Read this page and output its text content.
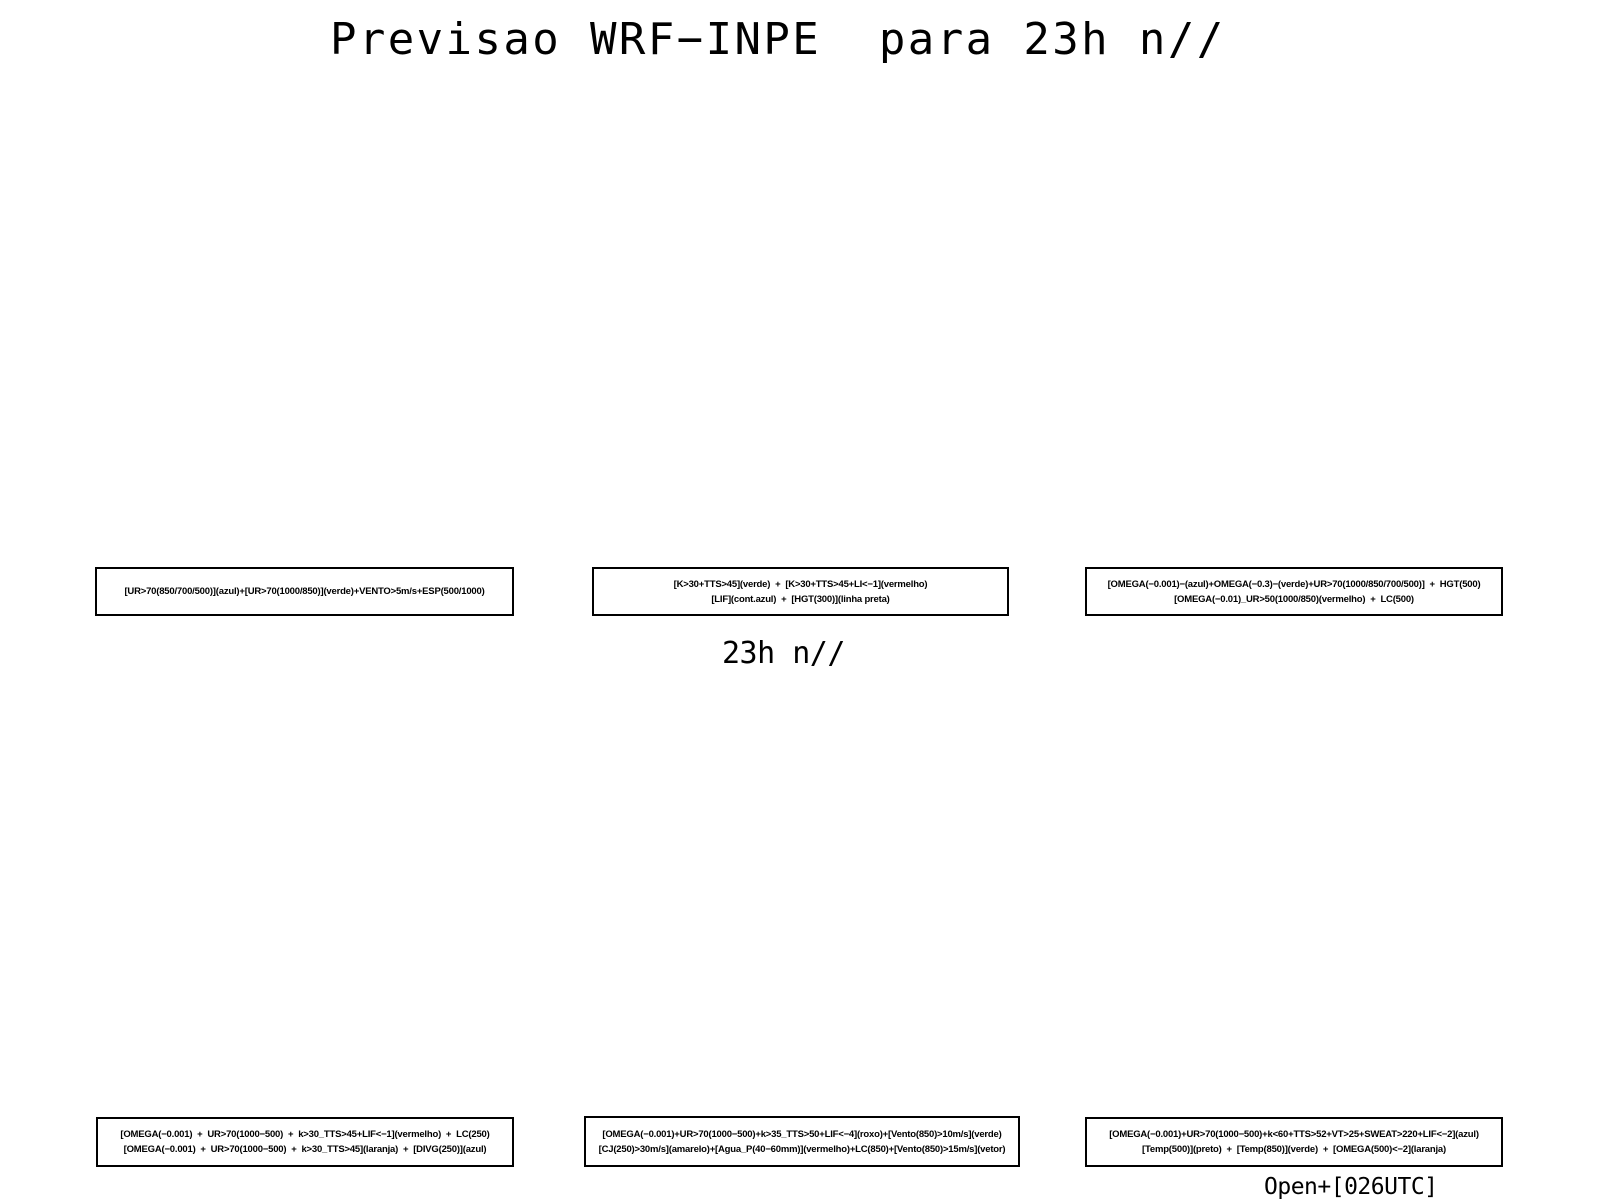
Previsao WRF−INPE  para 23h n//
[UR>70(850/700/500)](azul)+[UR>70(1000/850)](verde)+VENTO>5m/s+ESP(500/1000)
[K>30+TTS>45](verde)  +  [K>30+TTS>45+LI<−1](vermelho)
[LIF](cont.azul)  +  [HGT(300)](linha preta)
[OMEGA(−0.001)−(azul)+OMEGA(−0.3)−(verde)+UR>70(1000/850/700/500)]  +  HGT(500)
[OMEGA(−0.01)_UR>50(1000/850)(vermelho)  +  LC(500)
23h n//
[OMEGA(−0.001)  +  UR>70(1000−500)  +  k>30_TTS>45+LIF<−1](vermelho)  +  LC(250)
[OMEGA(−0.001)  +  UR>70(1000−500)  +  k>30_TTS>45](laranja)  +  [DIVG(250)](azul)
[OMEGA(−0.001)+UR>70(1000−500)+k>35_TTS>50+LIF<−4](roxo)+[Vento(850)>10m/s](verde)
[CJ(250)>30m/s](amarelo)+[Agua_P(40−60mm)](vermelho)+LC(850)+[Vento(850)>15m/s](vetor)
[OMEGA(−0.001)+UR>70(1000−500)+k<60+TTS>52+VT>25+SWEAT>220+LIF<−2](azul)
[Temp(500)](preto)  +  [Temp(850)](verde)  +  [OMEGA(500)<−2](laranja)
Open+[026UTC]
